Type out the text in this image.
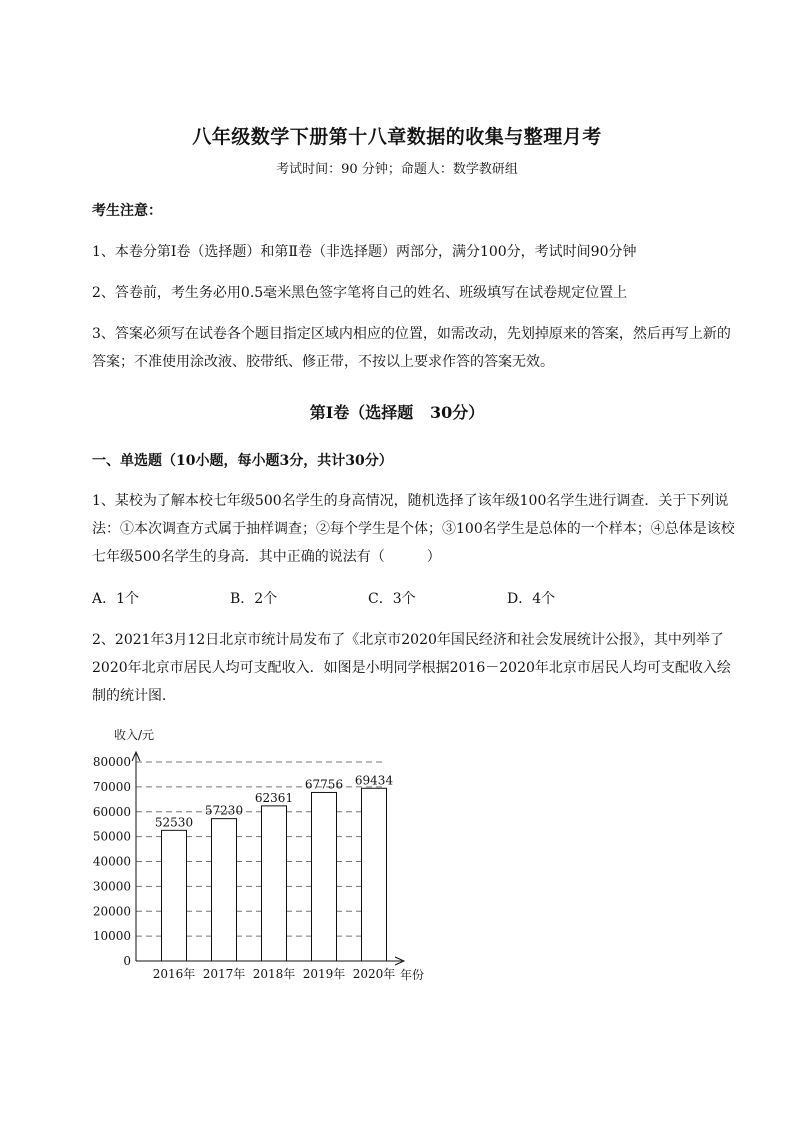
八年级数学下册第十八章数据的收集与整理月考
考试时间：90 分钟；命题人：数学教研组
考生注意：
1、本卷分第Ⅰ卷（选择题）和第Ⅱ卷（非选择题）两部分，满分100分，考试时间90分钟
2、答卷前，考生务必用0.5毫米黑色签字笔将自己的姓名、班级填写在试卷规定位置上
3、答案必须写在试卷各个题目指定区域内相应的位置，如需改动，先划掉原来的答案，然后再写上新的答案；不准使用涂改液、胶带纸、修正带，不按以上要求作答的答案无效。
第Ⅰ卷（选择题   30分）
一、单选题（10小题，每小题3分，共计30分）
1、某校为了解本校七年级500名学生的身高情况，随机选择了该年级100名学生进行调查．关于下列说法：①本次调查方式属于抽样调查；②每个学生是个体；③100名学生是总体的一个样本；④总体是该校七年级500名学生的身高．其中正确的说法有（　　　）
A．1个	B．2个	C．3个	D．4个
2、2021年3月12日北京市统计局发布了《北京市2020年国民经济和社会发展统计公报》，其中列举了2020年北京市居民人均可支配收入．如图是小明同学根据2016－2020年北京市居民人均可支配收入绘制的统计图．
0
10000
20000
30000
40000
50000
60000
70000
80000
收入/元
年份
52530
2016年
57230
2017年
62361
2018年
67756
2019年
69434
2020年
